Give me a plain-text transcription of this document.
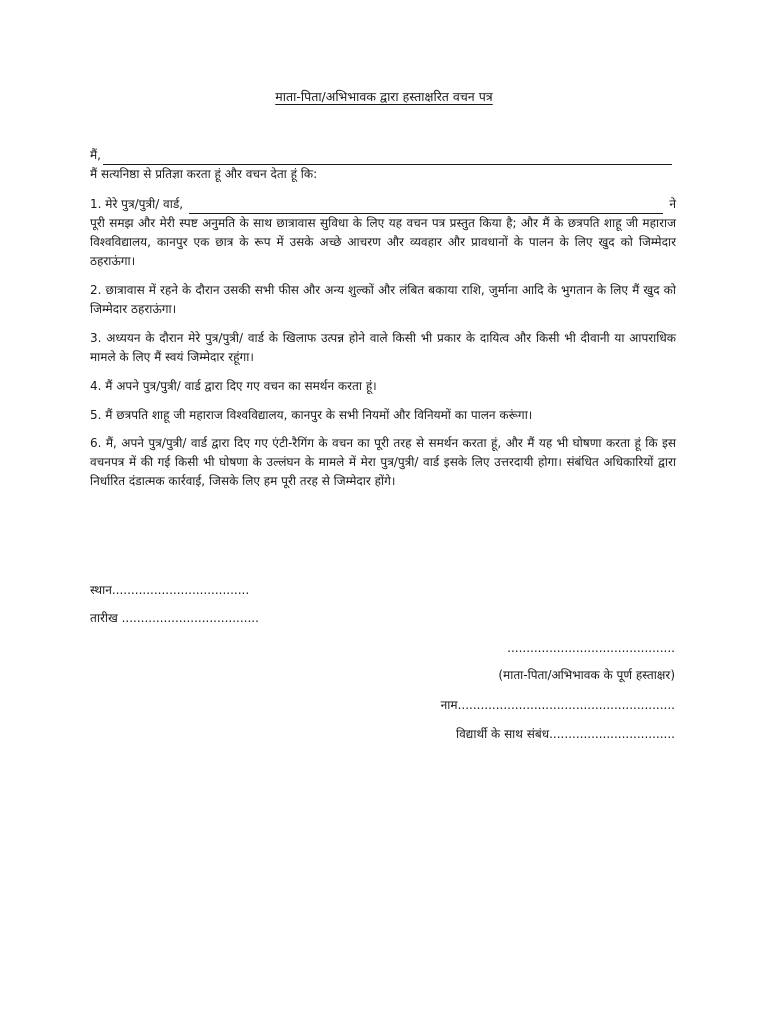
माता-पिता/अभिभावक द्वारा हस्ताक्षरित वचन पत्र
मैं,
मैं सत्यनिष्ठा से प्रतिज्ञा करता हूं और वचन देता हूं कि:
1. मेरे पुत्र/पुत्री/ वार्ड,	ने

पूरी समझ और मेरी स्पष्ट अनुमति के साथ छात्रावास सुविधा के लिए यह वचन पत्र प्रस्तुत किया है; और मैं के छत्रपति शाहू जी महाराज विश्वविद्यालय, कानपुर एक छात्र के रूप में उसके अच्छे आचरण और व्यवहार और प्रावधानों के पालन के लिए खुद को जिम्मेदार ठहराऊंगा।

2. छात्रावास में रहने के दौरान उसकी सभी फीस और अन्य शुल्कों और लंबित बकाया राशि, जुर्माना आदि के भुगतान के लिए मैं खुद को जिम्मेदार ठहराऊंगा।

3. अध्ययन के दौरान मेरे पुत्र/पुत्री/ वार्ड के खिलाफ उत्पन्न होने वाले किसी भी प्रकार के दायित्व और किसी भी दीवानी या आपराधिक मामले के लिए मैं स्वयं जिम्मेदार रहूंगा।

4. मैं अपने पुत्र/पुत्री/ वार्ड द्वारा दिए गए वचन का समर्थन करता हूं।

5. मैं छत्रपति शाहू जी महाराज विश्वविद्यालय, कानपुर के सभी नियमों और विनियमों का पालन करूंगा।

6. मैं, अपने पुत्र/पुत्री/ वार्ड द्वारा दिए गए एंटी-रैगिंग के वचन का पूरी तरह से समर्थन करता हूं, और मैं यह भी घोषणा करता हूं कि इस वचनपत्र में की गई किसी भी घोषणा के उल्लंघन के मामले में मेरा पुत्र/पुत्री/ वार्ड इसके लिए उत्तरदायी होगा। संबंधित अधिकारियों द्वारा निर्धारित दंडात्मक कार्रवाई, जिसके लिए हम पूरी तरह से जिम्मेदार होंगे।

स्थान....................................
तारीख ....................................
............................................
(माता-पिता/अभिभावक के पूर्ण हस्ताक्षर)
नाम.........................................................
विद्यार्थी के साथ संबंध.................................
